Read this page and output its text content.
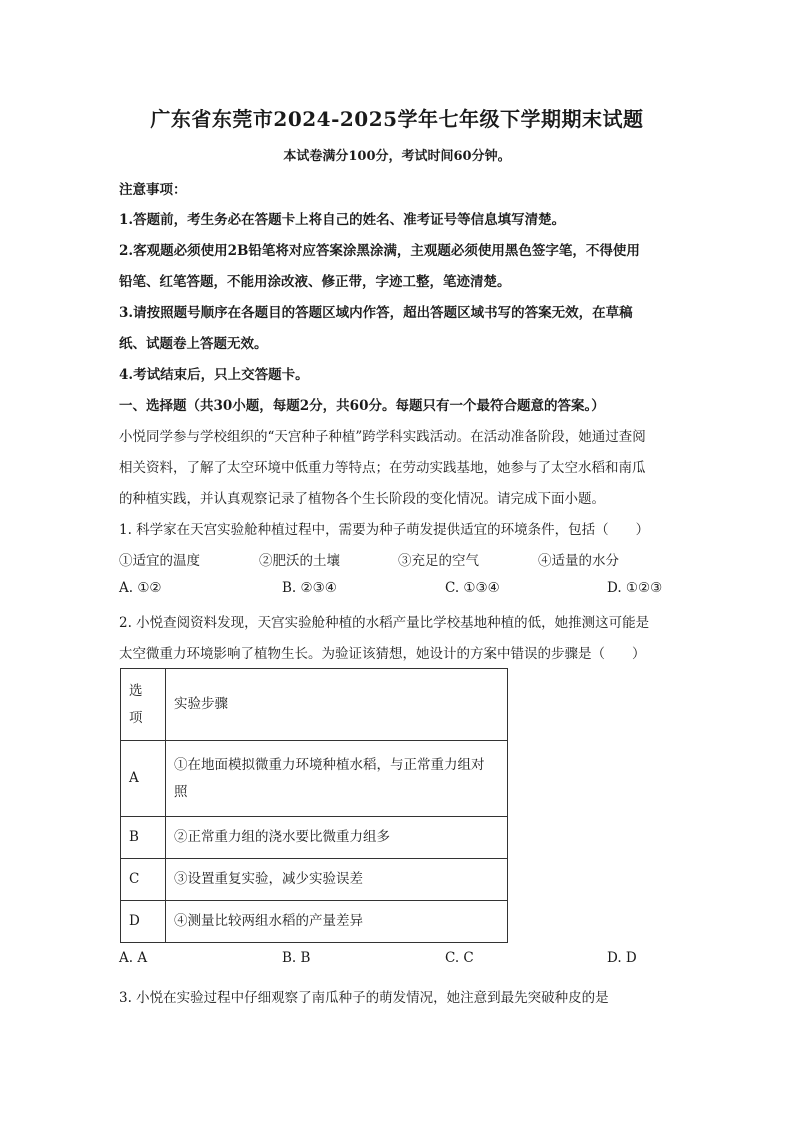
广东省东莞市2024-2025学年七年级下学期期末试题
本试卷满分100分，考试时间60分钟。
注意事项：
1.答题前，考生务必在答题卡上将自己的姓名、准考证号等信息填写清楚。
2.客观题必须使用2B铅笔将对应答案涂黑涂满，主观题必须使用黑色签字笔，不得使用
铅笔、红笔答题，不能用涂改液、修正带，字迹工整，笔迹清楚。
3.请按照题号顺序在各题目的答题区域内作答，超出答题区域书写的答案无效，在草稿
纸、试题卷上答题无效。
4.考试结束后，只上交答题卡。
一、选择题（共30小题，每题2分，共60分。每题只有一个最符合题意的答案。）
小悦同学参与学校组织的“天宫种子种植”跨学科实践活动。在活动准备阶段，她通过查阅
相关资料，了解了太空环境中低重力等特点；在劳动实践基地，她参与了太空水稻和南瓜
的种植实践，并认真观察记录了植物各个生长阶段的变化情况。请完成下面小题。
1. 科学家在天宫实验舱种植过程中，需要为种子萌发提供适宜的环境条件，包括（　　）
①适宜的温度	②肥沃的土壤	③充足的空气	④适量的水分
A. ①②	B. ②③④	C. ①③④	D. ①②③
2. 小悦查阅资料发现，天宫实验舱种植的水稻产量比学校基地种植的低，她推测这可能是
太空微重力环境影响了植物生长。为验证该猜想，她设计的方案中错误的步骤是（　　）
选
项	实验步骤
A	①在地面模拟微重力环境种植水稻，与正常重力组对
照
B	②正常重力组的浇水要比微重力组多
C	③设置重复实验，减少实验误差
D	④测量比较两组水稻的产量差异
A. A	B. B	C. C	D. D
3. 小悦在实验过程中仔细观察了南瓜种子的萌发情况，她注意到最先突破种皮的是
